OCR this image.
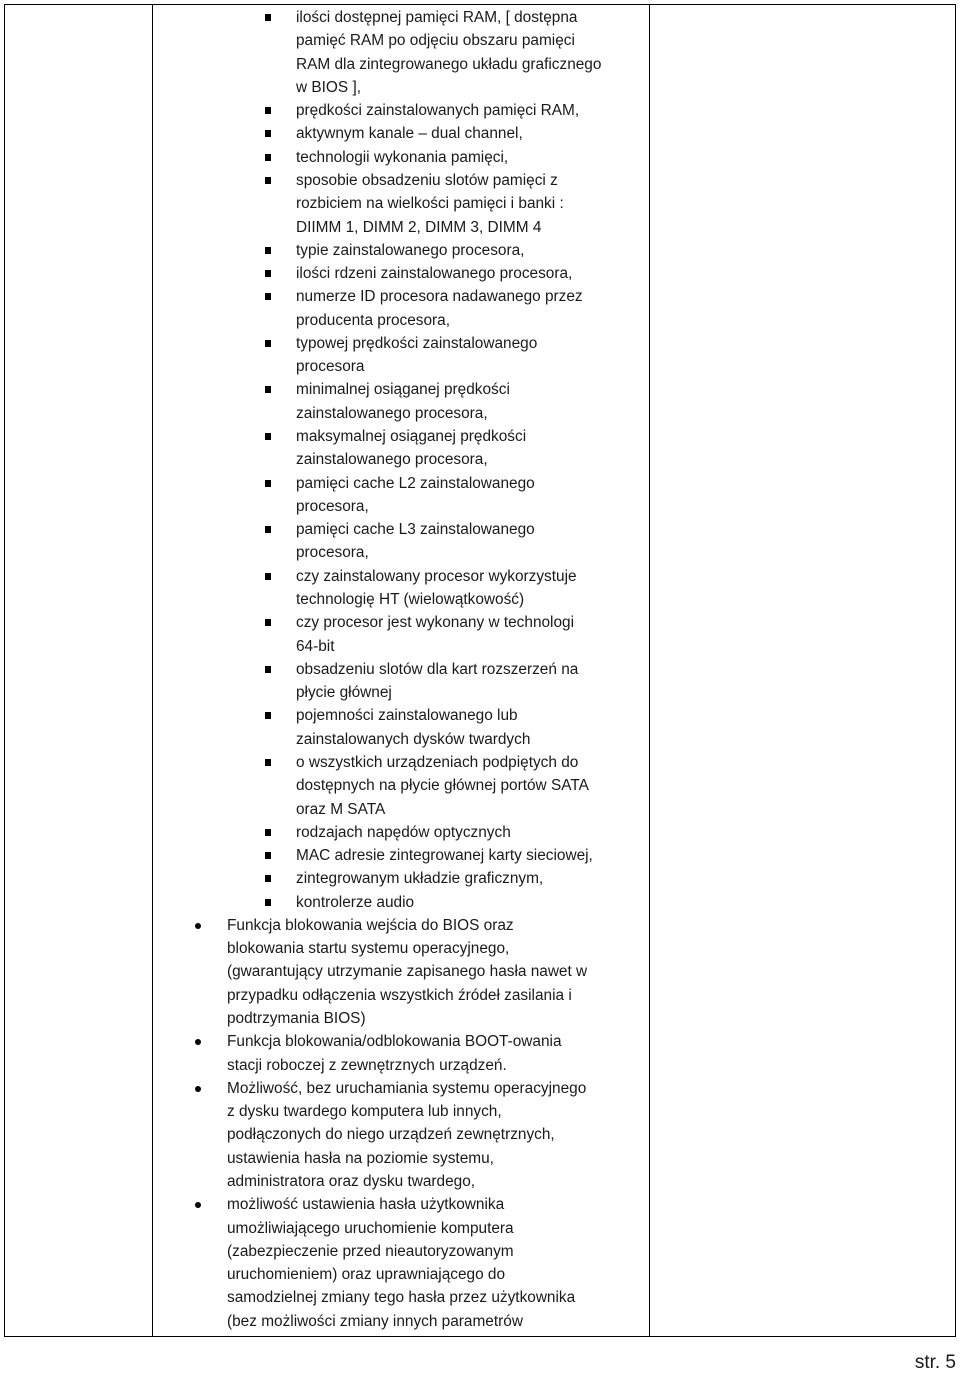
ilości dostępnej pamięci RAM, [ dostępna
pamięć RAM po odjęciu obszaru pamięci
RAM dla zintegrowanego układu graficznego
w BIOS ],
prędkości zainstalowanych pamięci RAM,
aktywnym kanale – dual channel,
technologii wykonania pamięci,
sposobie obsadzeniu slotów pamięci z
rozbiciem na wielkości pamięci i banki :
DIIMM 1, DIMM 2, DIMM 3, DIMM 4
typie zainstalowanego procesora,
ilości rdzeni zainstalowanego procesora,
numerze ID procesora nadawanego przez
producenta procesora,
typowej prędkości zainstalowanego
procesora
minimalnej osiąganej prędkości
zainstalowanego procesora,
maksymalnej osiąganej prędkości
zainstalowanego procesora,
pamięci cache L2 zainstalowanego
procesora,
pamięci cache L3 zainstalowanego
procesora,
czy zainstalowany procesor wykorzystuje
technologię HT (wielowątkowość)
czy procesor jest wykonany w technologi
64-bit
obsadzeniu slotów dla kart rozszerzeń na
płycie głównej
pojemności zainstalowanego lub
zainstalowanych dysków twardych
o wszystkich urządzeniach podpiętych do
dostępnych na płycie głównej portów SATA
oraz M SATA
rodzajach napędów optycznych
MAC adresie zintegrowanej karty sieciowej,
zintegrowanym układzie graficznym,
kontrolerze audio
Funkcja blokowania wejścia do BIOS oraz
blokowania startu systemu operacyjnego,
(gwarantujący utrzymanie zapisanego hasła nawet w
przypadku odłączenia wszystkich źródeł zasilania i
podtrzymania BIOS)
Funkcja blokowania/odblokowania BOOT-owania
stacji roboczej z zewnętrznych urządzeń.
Możliwość, bez uruchamiania systemu operacyjnego
z dysku twardego komputera lub innych,
podłączonych do niego urządzeń zewnętrznych,
ustawienia hasła na poziomie systemu,
administratora oraz dysku twardego,
możliwość ustawienia hasła użytkownika
umożliwiającego uruchomienie komputera
(zabezpieczenie przed nieautoryzowanym
uruchomieniem) oraz uprawniającego do
samodzielnej zmiany tego hasła przez użytkownika
(bez możliwości zmiany innych parametrów
str. 5
